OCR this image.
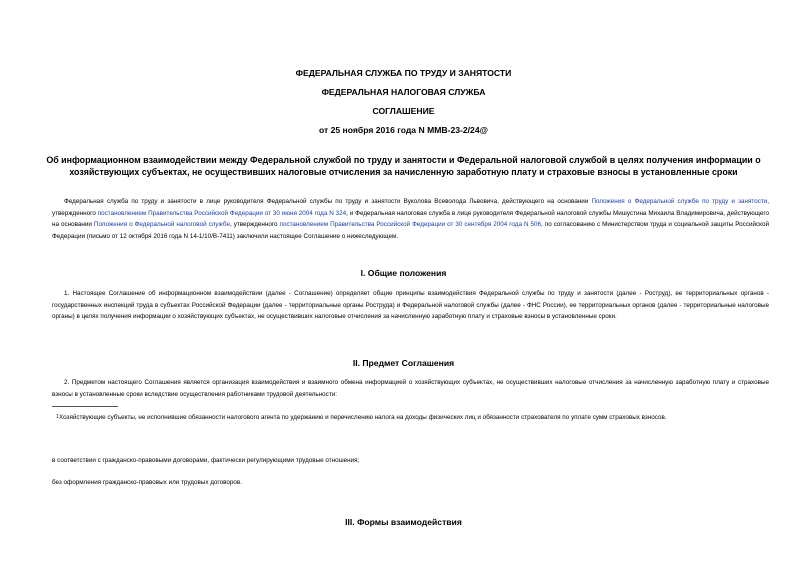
ФЕДЕРАЛЬНАЯ СЛУЖБА ПО ТРУДУ И ЗАНЯТОСТИ
ФЕДЕРАЛЬНАЯ НАЛОГОВАЯ СЛУЖБА
СОГЛАШЕНИЕ
от 25 ноября 2016 года N ММВ-23-2/24@
Об информационном взаимодействии между Федеральной службой по труду и занятости и Федеральной налоговой службой в целях получения информации о хозяйствующих субъектах, не осуществивших налоговые отчисления за начисленную заработную плату и страховые взносы в установленные сроки
Федеральная служба по труду и занятости в лице руководителя Федеральной службы по труду и занятости Вуколова Всеволода Львовича, действующего на основании Положения о Федеральной службе по труду и занятости, утвержденного постановлением Правительства Российской Федерации от 30 июня 2004 года N 324, и Федеральная налоговая служба в лице руководителя Федеральной налоговой службы Мишустина Михаила Владимировича, действующего на основании Положения о Федеральной налоговой службе, утвержденного постановлением Правительства Российской Федерации от 30 сентября 2004 года N 506, по согласованию с Министерством труда и социальной защиты Российской Федерации (письмо от 12 октября 2016 года N 14-1/10/В-7411) заключили настоящее Соглашение о нижеследующем.
I. Общие положения
1. Настоящее Соглашение об информационном взаимодействии (далее - Соглашение) определяет общие принципы взаимодействия Федеральной службы по труду и занятости (далее - Роструд), ее территориальных органов - государственных инспекций труда в субъектах Российской Федерации (далее - территориальные органы Роструда) и Федеральной налоговой службы (далее - ФНС России), ее территориальных органов (далее - территориальные налоговые органы) в целях получения информации о хозяйствующих субъектах, не осуществивших налоговые отчисления за начисленную заработную плату и страховые взносы в установленные сроки.
II. Предмет Соглашения
2. Предметом настоящего Соглашения является организация взаимодействия и взаимного обмена информацией о хозяйствующих субъектах, не осуществивших налоговые отчисления за начисленную заработную плату и страховые взносы в установленные сроки вследствие осуществления работниками трудовой деятельности:
1Хозяйствующие субъекты, не исполнившие обязанности налогового агента по удержанию и перечислению налога на доходы физических лиц и обязанности страхователя по уплате сумм страховых взносов.
в соответствии с гражданско-правовыми договорами, фактически регулирующими трудовые отношения;
без оформления гражданско-правовых или трудовых договоров.
III. Формы взаимодействия
